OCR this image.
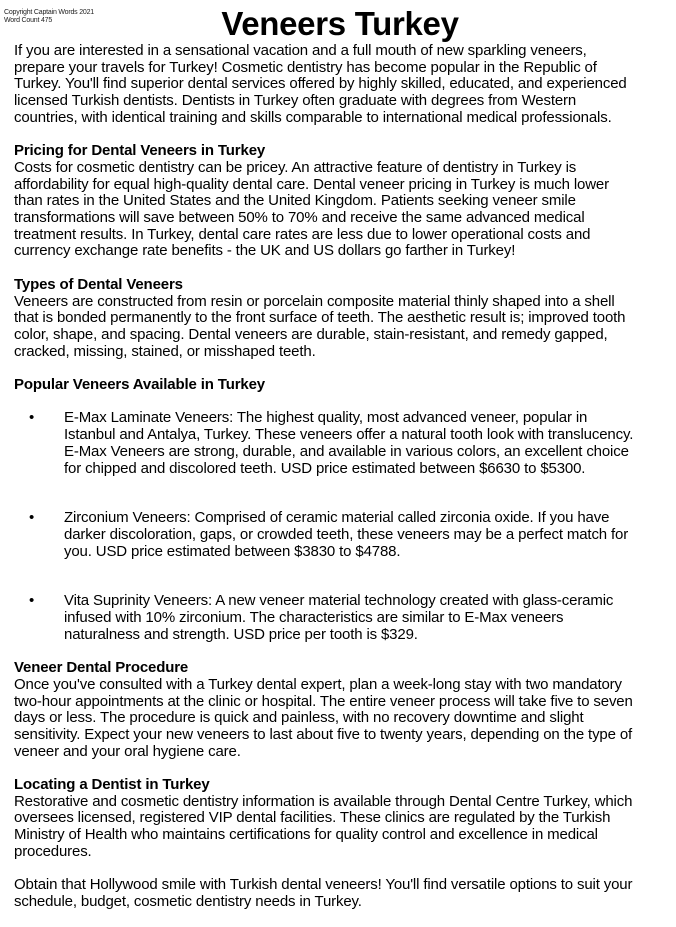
Copyright Captain Words 2021
Word Count 475	Veneers Turkey

If you are interested in a sensational vacation and a full mouth of new sparkling veneers,
prepare your travels for Turkey! Cosmetic dentistry has become popular in the Republic of
Turkey. You'll find superior dental services offered by highly skilled, educated, and experienced
licensed Turkish dentists. Dentists in Turkey often graduate with degrees from Western
countries, with identical training and skills comparable to international medical professionals.

Pricing for Dental Veneers in Turkey

Costs for cosmetic dentistry can be pricey. An attractive feature of dentistry in Turkey is
affordability for equal high-quality dental care. Dental veneer pricing in Turkey is much lower
than rates in the United States and the United Kingdom. Patients seeking veneer smile
transformations will save between 50% to 70% and receive the same advanced medical
treatment results. In Turkey, dental care rates are less due to lower operational costs and
currency exchange rate benefits - the UK and US dollars go farther in Turkey!

Types of Dental Veneers

Veneers are constructed from resin or porcelain composite material thinly shaped into a shell
that is bonded permanently to the front surface of teeth. The aesthetic result is; improved tooth
color, shape, and spacing. Dental veneers are durable, stain-resistant, and remedy gapped,
cracked, missing, stained, or misshaped teeth.

Popular Veneers Available in Turkey
• E-Max Laminate Veneers: The highest quality, most advanced veneer, popular in
Istanbul and Antalya, Turkey. These veneers offer a natural tooth look with translucency.
E-Max Veneers are strong, durable, and available in various colors, an excellent choice
for chipped and discolored teeth. USD price estimated between $6630 to $5300.
• Zirconium Veneers: Comprised of ceramic material called zirconia oxide. If you have
darker discoloration, gaps, or crowded teeth, these veneers may be a perfect match for
you. USD price estimated between $3830 to $4788.
• Vita Suprinity Veneers: A new veneer material technology created with glass-ceramic
infused with 10% zirconium. The characteristics are similar to E-Max veneers
naturalness and strength. USD price per tooth is $329.
Veneer Dental Procedure

Once you've consulted with a Turkey dental expert, plan a week-long stay with two mandatory
two-hour appointments at the clinic or hospital. The entire veneer process will take five to seven
days or less. The procedure is quick and painless, with no recovery downtime and slight
sensitivity. Expect your new veneers to last about five to twenty years, depending on the type of
veneer and your oral hygiene care.

Locating a Dentist in Turkey

Restorative and cosmetic dentistry information is available through Dental Centre Turkey, which
oversees licensed, registered VIP dental facilities. These clinics are regulated by the Turkish
Ministry of Health who maintains certifications for quality control and excellence in medical
procedures.

Obtain that Hollywood smile with Turkish dental veneers! You'll find versatile options to suit your
schedule, budget, cosmetic dentistry needs in Turkey.
